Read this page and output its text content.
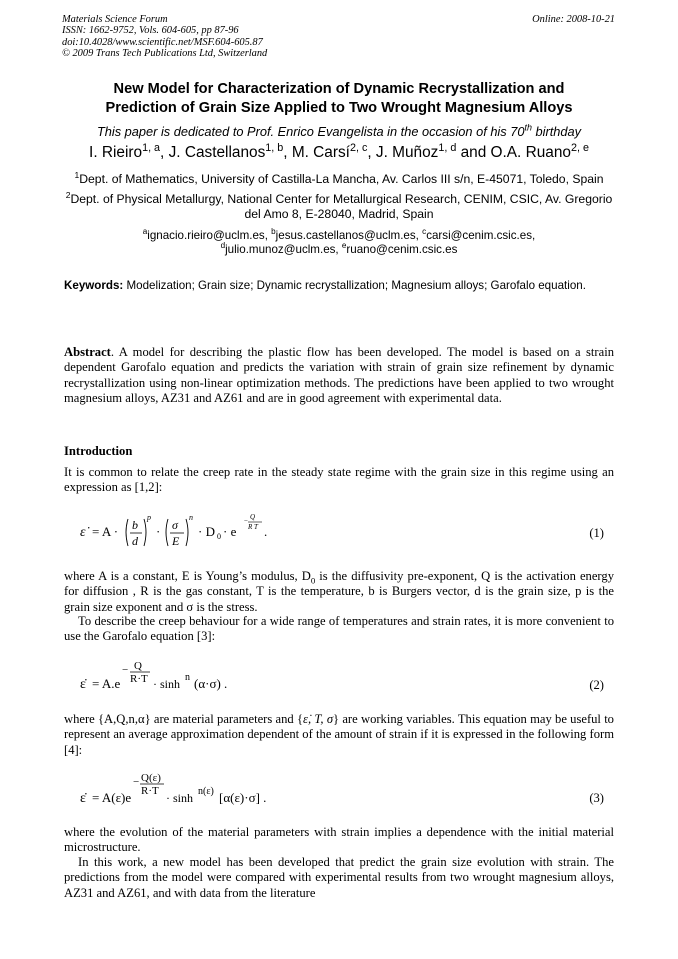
Materials Science Forum
ISSN: 1662-9752, Vols. 604-605, pp 87-96
doi:10.4028/www.scientific.net/MSF.604-605.87
© 2009 Trans Tech Publications Ltd, Switzerland
Online: 2008-10-21
New Model for Characterization of Dynamic Recrystallization and
Prediction of Grain Size Applied to Two Wrought Magnesium Alloys
This paper is dedicated to Prof. Enrico Evangelista in the occasion of his 70th birthday
I. Rieiro$^{1, a}$, J. Castellanos$^{1, b}$, M. Carsí$^{2, c}$, J. Muñoz$^{1, d}$ and O.A. Ruano$^{2, e}$
$^1$Dept. of Mathematics, University of Castilla-La Mancha, Av. Carlos III s/n, E-45071, Toledo, Spain
$^2$Dept. of Physical Metallurgy, National Center for Metallurgical Research, CENIM, CSIC, Av. Gregorio del Amo 8, E-28040, Madrid, Spain
$^a$ignacio.rieiro@uclm.es, $^b$jesus.castellanos@uclm.es, $^c$carsi@cenim.csic.es,
$^d$julio.munoz@uclm.es, $^e$ruano@cenim.csic.es
Keywords: Modelization; Grain size; Dynamic recrystallization; Magnesium alloys; Garofalo equation.
Abstract. A model for describing the plastic flow has been developed. The model is based on a strain dependent Garofalo equation and predicts the variation with strain of grain size refinement by dynamic recrystallization using non-linear optimization methods. The predictions have been applied to two wrought magnesium alloys, AZ31 and AZ61 and are in good agreement with experimental data.
Introduction
It is common to relate the creep rate in the steady state regime with the grain size in this regime using an expression as [1,2]:
ε̇ = A · b
d
p
· σ
E
n
· D 0 · e
− Q
R T .	(1)
where A is a constant, E is Young’s modulus, $D_0$ is the diffusivity pre-exponent, Q is the activation energy for diffusion , R is the gas constant, T is the temperature, b is Burgers vector, d is the grain size, p is the grain size exponent and σ is the stress.
To describe the creep behaviour for a wide range of temperatures and strain rates, it is more convenient to use the Garofalo equation [3]:
ε̇ = A.e
− Q
R·T · sinh n (α·σ) .	(2)
where {A,Q,n,α} are material parameters and {ε̇, T, σ} are working variables. This equation may be useful to represent an average approximation dependent of the amount of strain if it is expressed in the following form [4]:
ε̇ = A(ε)e
− Q(ε)
R·T · sinh n(ε) [α(ε)·σ] .	(3)
where the evolution of the material parameters with strain implies a dependence with the initial material microstructure.
In this work, a new model has been developed that predict the grain size evolution with strain. The predictions from the model were compared with experimental results from two wrought magnesium alloys, AZ31 and AZ61, and with data from the literature
